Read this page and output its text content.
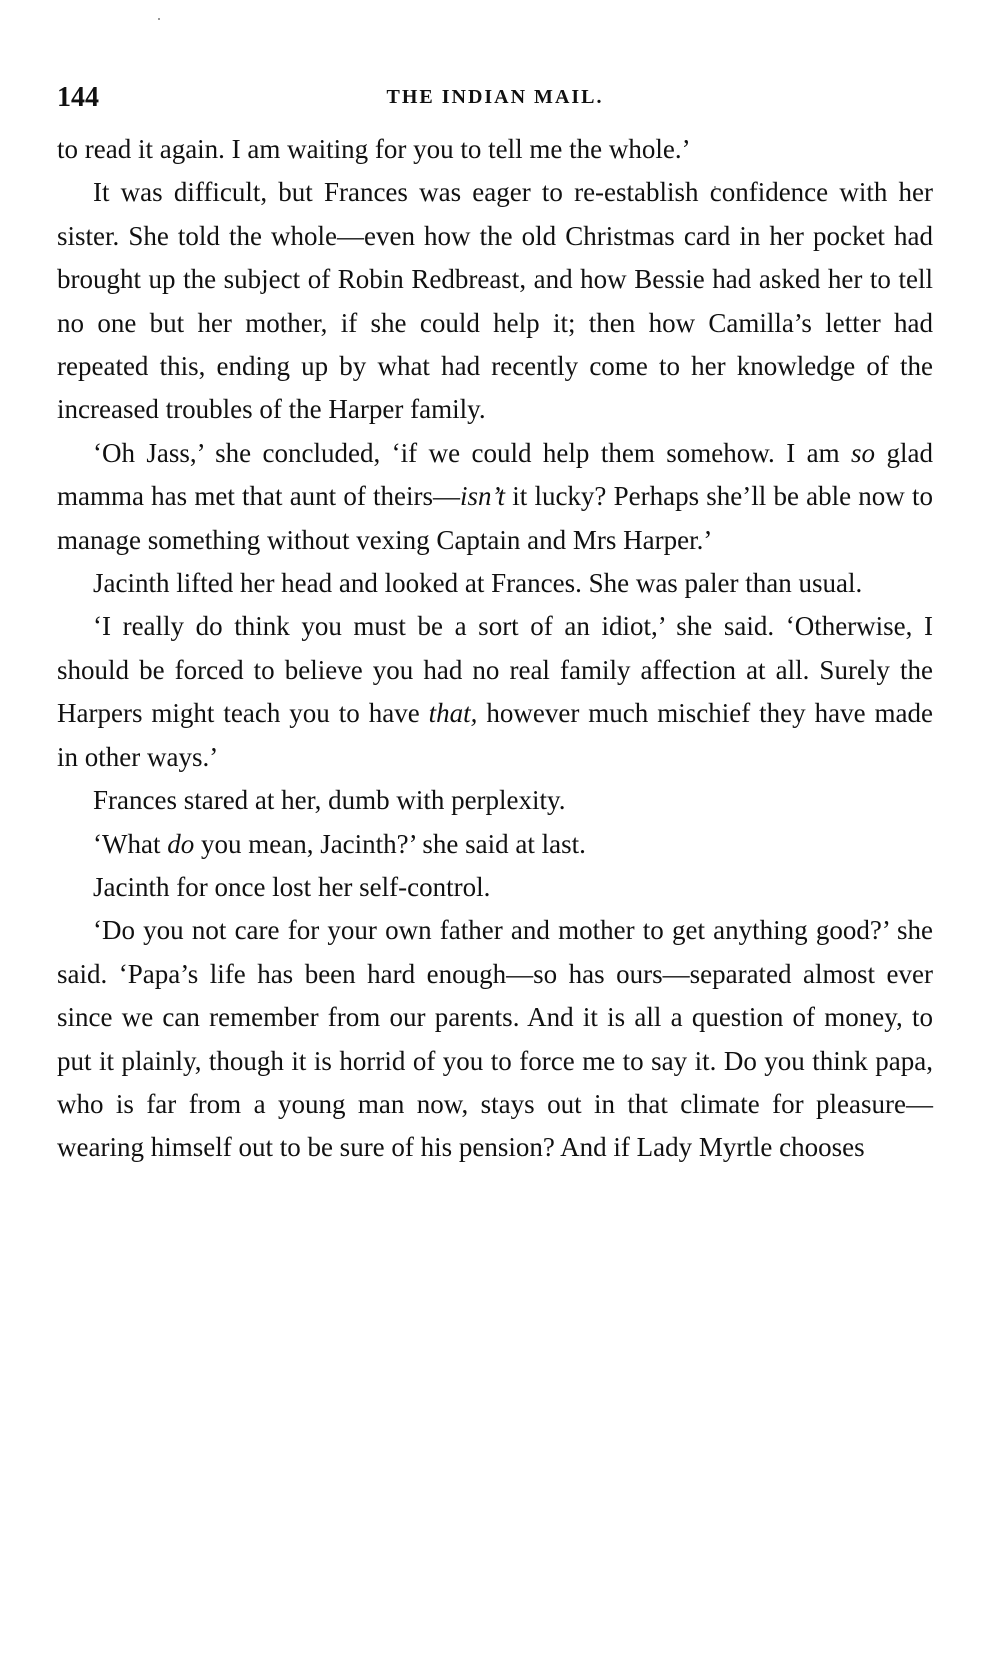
144	THE INDIAN MAIL.

to read it again. I am waiting for you to tell me the whole.’

It was difficult, but Frances was eager to re-establish confidence with her sister. She told the whole—even how the old Christmas card in her pocket had brought up the subject of Robin Redbreast, and how Bessie had asked her to tell no one but her mother, if she could help it; then how Camilla’s letter had repeated this, ending up by what had recently come to her knowledge of the increased troubles of the Harper family.

‘Oh Jass,’ she concluded, ‘if we could help them somehow. I am so glad mamma has met that aunt of theirs—isn’t it lucky? Perhaps she’ll be able now to manage something without vexing Captain and Mrs Harper.’

Jacinth lifted her head and looked at Frances. She was paler than usual.

‘I really do think you must be a sort of an idiot,’ she said. ‘Otherwise, I should be forced to believe you had no real family affection at all. Surely the Harpers might teach you to have that, however much mischief they have made in other ways.’

Frances stared at her, dumb with perplexity.

‘What do you mean, Jacinth?’ she said at last.

Jacinth for once lost her self-control.

‘Do you not care for your own father and mother to get anything good?’ she said. ‘Papa’s life has been hard enough—so has ours—separated almost ever since we can remember from our parents. And it is all a question of money, to put it plainly, though it is horrid of you to force me to say it. Do you think papa, who is far from a young man now, stays out in that climate for pleasure—wearing himself out to be sure of his pension? And if Lady Myrtle chooses
